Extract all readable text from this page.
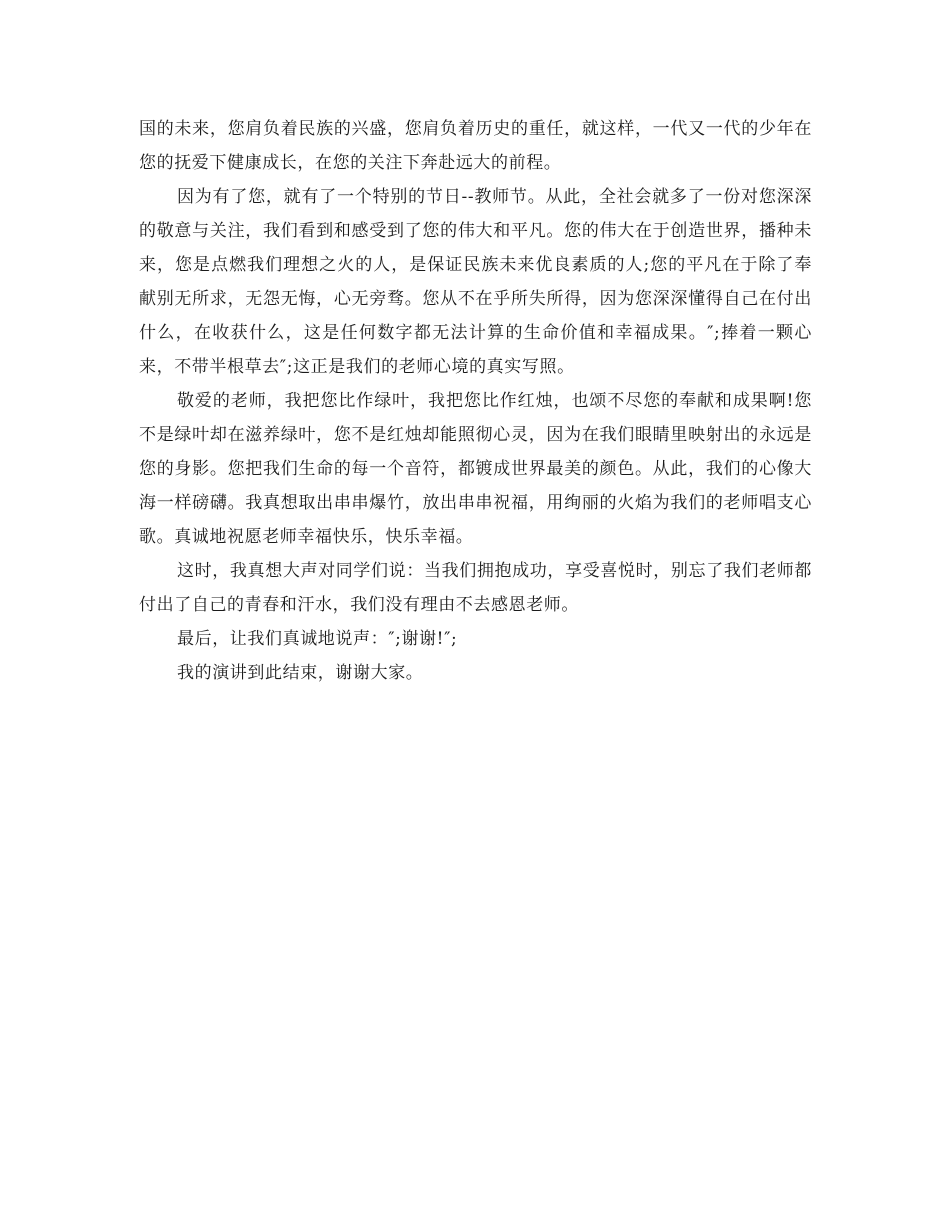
国的未来，您肩负着民族的兴盛，您肩负着历史的重任，就这样，一代又一代的少年在您的抚爱下健康成长，在您的关注下奔赴远大的前程。

因为有了您，就有了一个特别的节日--教师节。从此，全社会就多了一份对您深深的敬意与关注，我们看到和感受到了您的伟大和平凡。您的伟大在于创造世界，播种未来，您是点燃我们理想之火的人，是保证民族未来优良素质的人;您的平凡在于除了奉献别无所求，无怨无悔，心无旁骛。您从不在乎所失所得，因为您深深懂得自己在付出什么，在收获什么，这是任何数字都无法计算的生命价值和幸福成果。″;捧着一颗心来，不带半根草去″;这正是我们的老师心境的真实写照。

敬爱的老师，我把您比作绿叶，我把您比作红烛，也颂不尽您的奉献和成果啊!您不是绿叶却在滋养绿叶，您不是红烛却能照彻心灵，因为在我们眼睛里映射出的永远是您的身影。您把我们生命的每一个音符，都镀成世界最美的颜色。从此，我们的心像大海一样磅礴。我真想取出串串爆竹，放出串串祝福，用绚丽的火焰为我们的老师唱支心歌。真诚地祝愿老师幸福快乐，快乐幸福。

这时，我真想大声对同学们说：当我们拥抱成功，享受喜悦时，别忘了我们老师都付出了自己的青春和汗水，我们没有理由不去感恩老师。

最后，让我们真诚地说声：″;谢谢!″;

我的演讲到此结束，谢谢大家。
